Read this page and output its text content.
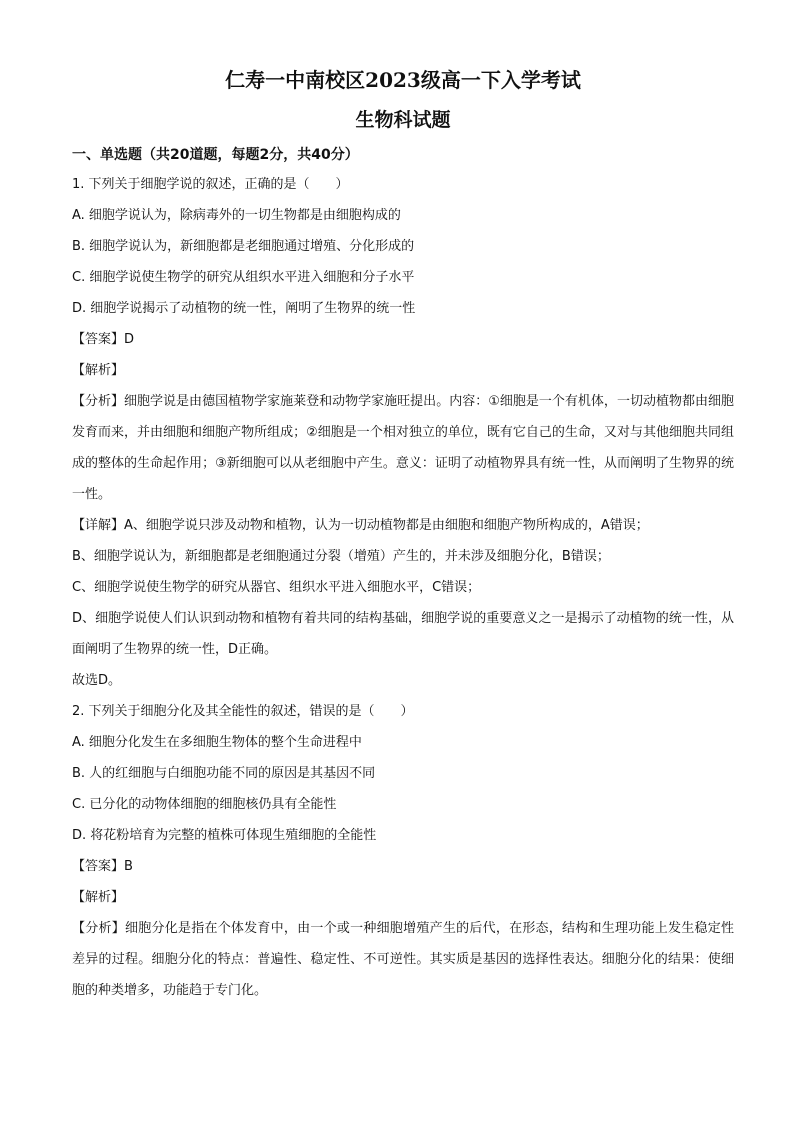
仁寿一中南校区2023级高一下入学考试
生物科试题
一、单选题（共20道题，每题2分，共40分）
1. 下列关于细胞学说的叙述，正确的是（　　）
A. 细胞学说认为，除病毒外的一切生物都是由细胞构成的
B. 细胞学说认为，新细胞都是老细胞通过增殖、分化形成的
C. 细胞学说使生物学的研究从组织水平进入细胞和分子水平
D. 细胞学说揭示了动植物的统一性，阐明了生物界的统一性
【答案】D
【解析】
【分析】细胞学说是由德国植物学家施莱登和动物学家施旺提出。内容：①细胞是一个有机体，一切动植物都由细胞发育而来，并由细胞和细胞产物所组成；②细胞是一个相对独立的单位，既有它自己的生命，又对与其他细胞共同组成的整体的生命起作用；③新细胞可以从老细胞中产生。意义：证明了动植物界具有统一性，从而阐明了生物界的统一性。
【详解】A、细胞学说只涉及动物和植物，认为一切动植物都是由细胞和细胞产物所构成的，A错误；
B、细胞学说认为，新细胞都是老细胞通过分裂（增殖）产生的，并未涉及细胞分化，B错误；
C、细胞学说使生物学的研究从器官、组织水平进入细胞水平，C错误；
D、细胞学说使人们认识到动物和植物有着共同的结构基础，细胞学说的重要意义之一是揭示了动植物的统一性，从面阐明了生物界的统一性，D正确。
故选D。
2. 下列关于细胞分化及其全能性的叙述，错误的是（　　）
A. 细胞分化发生在多细胞生物体的整个生命进程中
B. 人的红细胞与白细胞功能不同的原因是其基因不同
C. 已分化的动物体细胞的细胞核仍具有全能性
D. 将花粉培育为完整的植株可体现生殖细胞的全能性
【答案】B
【解析】
【分析】细胞分化是指在个体发育中，由一个或一种细胞增殖产生的后代，在形态，结构和生理功能上发生稳定性差异的过程。细胞分化的特点：普遍性、稳定性、不可逆性。其实质是基因的选择性表达。细胞分化的结果：使细胞的种类增多，功能趋于专门化。
